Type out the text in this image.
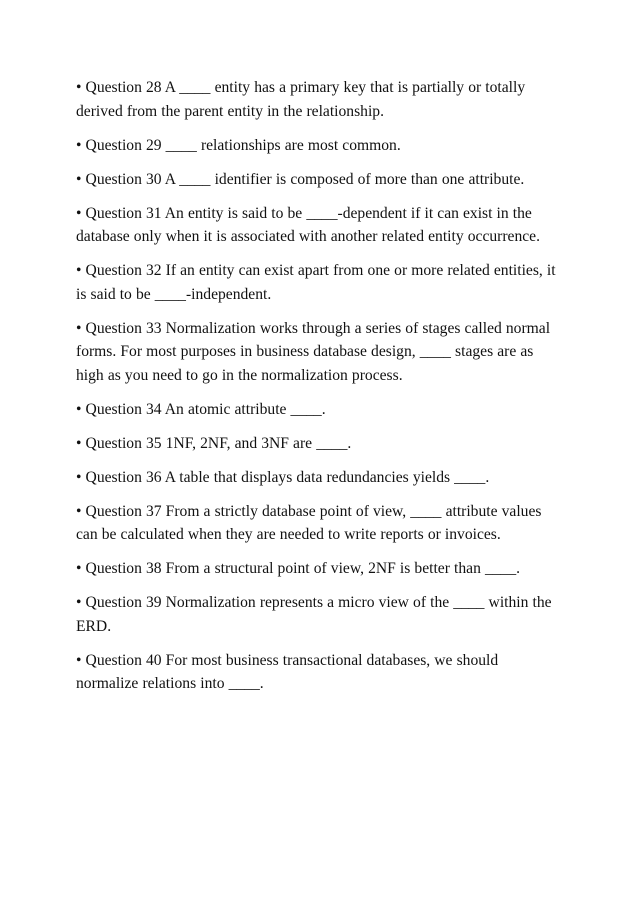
• Question 28 A ____ entity has a primary key that is partially or totally derived from the parent entity in the relationship.

• Question 29 ____ relationships are most common.

• Question 30 A ____ identifier is composed of more than one attribute.

• Question 31 An entity is said to be ____-dependent if it can exist in the database only when it is associated with another related entity occurrence.

• Question 32 If an entity can exist apart from one or more related entities, it is said to be ____-independent.

• Question 33 Normalization works through a series of stages called normal forms. For most purposes in business database design, ____ stages are as high as you need to go in the normalization process.

• Question 34 An atomic attribute ____.

• Question 35 1NF, 2NF, and 3NF are ____.

• Question 36 A table that displays data redundancies yields ____.

• Question 37 From a strictly database point of view, ____ attribute values can be calculated when they are needed to write reports or invoices.

• Question 38 From a structural point of view, 2NF is better than ____.

• Question 39 Normalization represents a micro view of the ____ within the ERD.

• Question 40 For most business transactional databases, we should normalize relations into ____.
